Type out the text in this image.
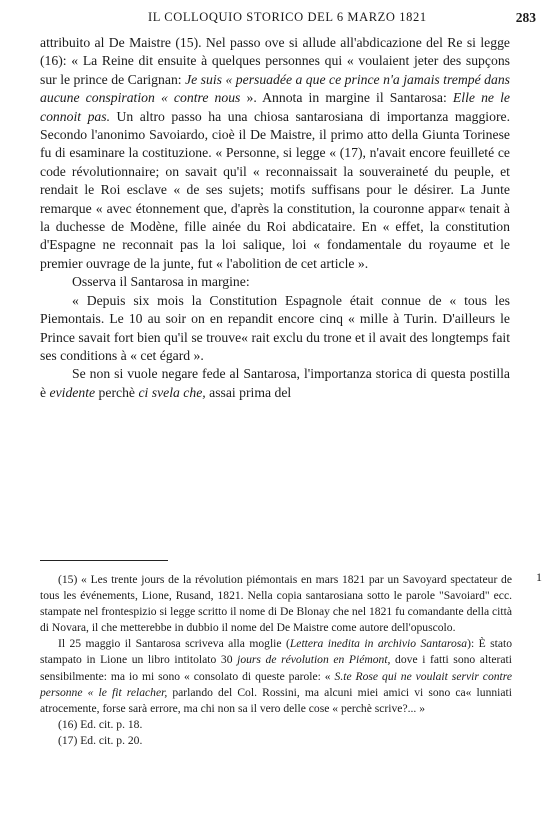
IL COLLOQUIO STORICO DEL 6 MARZO 1821	283

attribuito al De Maistre (15). Nel passo ove si allude all'abdicazione del Re si legge (16): « La Reine dit ensuite à quelques personnes qui « voulaient jeter des supçons sur le prince de Carignan: Je suis « persuadée a que ce prince n'a jamais trempé dans aucune conspiration « contre nous ». Annota in margine il Santarosa: Elle ne le connoit pas. Un altro passo ha una chiosa santarosiana di importanza maggiore. Secondo l'anonimo Savoiardo, cioè il De Maistre, il primo atto della Giunta Torinese fu di esaminare la costituzione. « Personne, si legge « (17), n'avait encore feuilleté ce code révolutionnaire; on savait qu'il « reconnaissait la souveraineté du peuple, et rendait le Roi esclave « de ses sujets; motifs suffisans pour le désirer. La Junte remarque « avec étonnement que, d'après la constitution, la couronne appar« tenait à la duchesse de Modène, fille ainée du Roi abdicataire. En « effet, la constitution d'Espagne ne reconnait pas la loi salique, loi « fondamentale du royaume et le premier ouvrage de la junte, fut « l'abolition de cet article ».

Osserva il Santarosa in margine:

« Depuis six mois la Constitution Espagnole était connue de « tous les Piemontais. Le 10 au soir on en repandit encore cinq « mille à Turin. D'ailleurs le Prince savait fort bien qu'il se trouve« rait exclu du trone et il avait des longtemps fait ses conditions à « cet égard ».

Se non si vuole negare fede al Santarosa, l'importanza storica di questa postilla è evidente perchè ci svela che, assai prima del

1

(15) « Les trente jours de la révolution piémontais en mars 1821 par un Savoyard spectateur de tous les événements, Lione, Rusand, 1821. Nella copia santarosiana sotto le parole "Savoiard" ecc. stampate nel frontespizio si legge scritto il nome di De Blonay che nel 1821 fu comandante della città di Novara, il che metterebbe in dubbio il nome del De Maistre come autore dell'opuscolo.

Il 25 maggio il Santarosa scriveva alla moglie (Lettera inedita in archivio Santarosa): È stato stampato in Lione un libro intitolato 30 jours de révolution en Piémont, dove i fatti sono alterati sensibilmente: ma io mi sono « consolato di queste parole: « S.te Rose qui ne voulait servir contre personne « le fit relacher, parlando del Col. Rossini, ma alcuni miei amici vi sono ca« lunniati atrocemente, forse sarà errore, ma chi non sa il vero delle cose « perchè scrive?... »

(16) Ed. cit. p. 18.

(17) Ed. cit. p. 20.
